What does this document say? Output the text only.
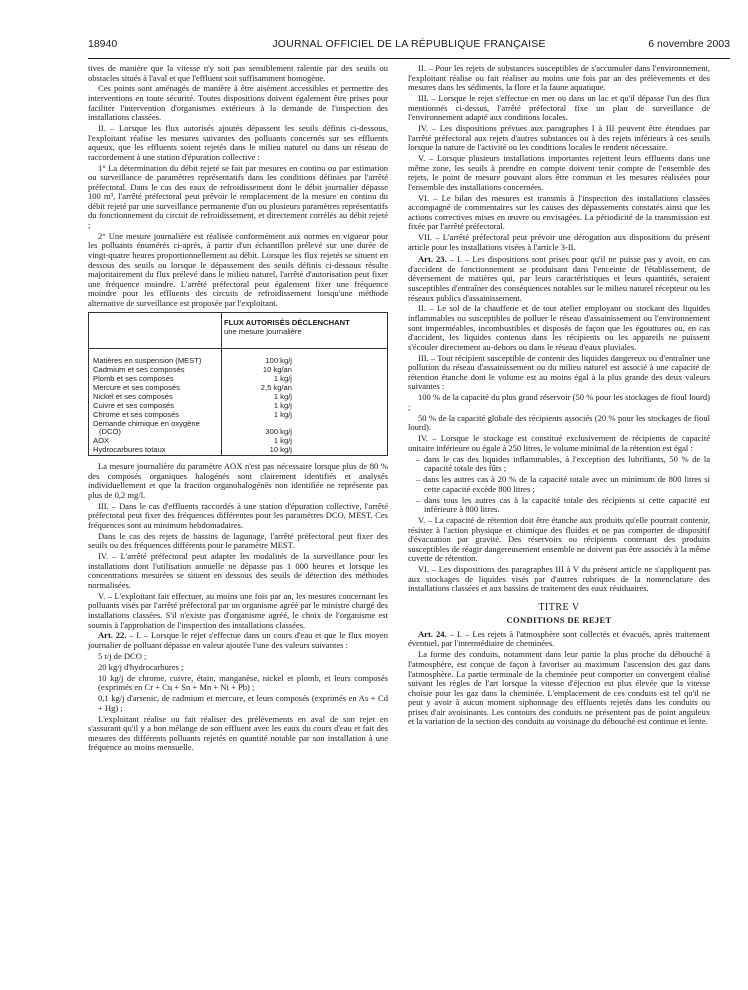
18940	JOURNAL OFFICIEL DE LA RÉPUBLIQUE FRANÇAISE	6 novembre 2003

tives de manière que la vitesse n'y soit pas sensiblement ralentie par des seuils ou obstacles situés à l'aval et que l'effluent soit suffisamment homogène.

Ces points sont aménagés de manière à être aisément accessibles et permettre des interventions en toute sécurité. Toutes dispositions doivent également être prises pour faciliter l'intervention d'organismes extérieurs à la demande de l'inspection des installations classées.

II. – Lorsque les flux autorisés ajoutés dépassent les seuils définis ci-dessous, l'exploitant réalise les mesures suivantes des polluants concernés sur ses effluents aqueux, que les effluents soient rejetés dans le milieu naturel ou dans un réseau de raccordement à une station d'épuration collective :

1° La détermination du débit rejeté se fait par mesures en continu ou par estimation ou surveillance de paramètres représentatifs dans les conditions définies par l'arrêté préfectoral. Dans le cas des eaux de refroidissement dont le débit journalier dépasse 100 m³, l'arrêté préfectoral peut prévoir le remplacement de la mesure en continu du débit rejeté par une surveillance permanente d'un ou plusieurs paramètres représentatifs du fonctionnement du circuit de refroidissement, et directement corrélés au débit rejeté ;

2° Une mesure journalière est réalisée conformément aux normes en vigueur pour les polluants énumérés ci-après, à partir d'un échantillon prélevé sur une durée de vingt-quatre heures proportionnellement au débit. Lorsque les flux rejetés se situent en dessous des seuils ou lorsque le dépassement des seuils définis ci-dessous résulte majoritairement du flux prélevé dans le milieu naturel, l'arrêté d'autorisation peut fixer une fréquence moindre. L'arrêté préfectoral peut également fixer une fréquence moindre pour les effluents des circuits de refroidissement lorsqu'une méthode alternative de surveillance est proposée par l'exploitant.

	FLUX AUTORISÉS DÉCLENCHANT
une mesure journalière

Matières en suspension (MEST)	100 kg/j
Cadmium et ses composés	10 kg/an
Plomb et ses composés	1 kg/j
Mercure et ses composés	2,5 kg/an
Nickel et ses composés	1 kg/j
Cuivre et ses composés	1 kg/j
Chrome et ses composés	1 kg/j
Demande chimique en oxygène	
(DCO)	300 kg/j
AOX	1 kg/j
Hydrocarbures totaux	10 kg/j

La mesure journalière du paramètre AOX n'est pas nécessaire lorsque plus de 80 % des composés organiques halogénés sont clairement identifiés et analysés individuellement et que la fraction organohalogénés non identifiée ne représente pas plus de 0,2 mg/l.

III. – Dans le cas d'effluents raccordés à une station d'épuration collective, l'arrêté préfectoral peut fixer des fréquences différentes pour les paramètres DCO, MEST. Ces fréquences sont au minimum hebdomadaires.

Dans le cas des rejets de bassins de lagunage, l'arrêté préfectoral peut fixer des seuils ou des fréquences différents pour le paramètre MEST.

IV. – L'arrêté préfectoral peut adapter les modalités de la surveillance pour les installations dont l'utilisation annuelle ne dépasse pas 1 000 heures et lorsque les concentrations mesurées se situent en dessous des seuils de détection des méthodes normalisées.

V. – L'exploitant fait effectuer, au moins une fois par an, les mesures concernant les polluants visés par l'arrêté préfectoral par un organisme agréé par le ministre chargé des installations classées. S'il n'existe pas d'organisme agréé, le choix de l'organisme est soumis à l'approbation de l'inspection des installations classées.

Art. 22. – I. – Lorsque le rejet s'effectue dans un cours d'eau et que le flux moyen journalier de polluant dépasse en valeur ajoutée l'une des valeurs suivantes :

5 t/j de DCO ;

20 kg/j d'hydrocarbures ;

10 kg/j de chrome, cuivre, étain, manganèse, nickel et plomb, et leurs composés (exprimés en Cr + Cu + Sn + Mn + Ni + Pb) ;

0,1 kg/j d'arsenic, de cadmium et mercure, et leurs composés (exprimés en As + Cd + Hg) ;

L'exploitant réalise ou fait réaliser des prélèvements en aval de son rejet en s'assurant qu'il y a bon mélange de son effluent avec les eaux du cours d'eau et fait des mesures des différents polluants rejetés en quantité notable par son installation à une fréquence au moins mensuelle.

II. – Pour les rejets de substances susceptibles de s'accumuler dans l'environnement, l'exploitant réalise ou fait réaliser au moins une fois par an des prélèvements et des mesures dans les sédiments, la flore et la faune aquatique.

III. – Lorsque le rejet s'effectue en mer ou dans un lac et qu'il dépasse l'un des flux mentionnés ci-dessus, l'arrêté préfectoral fixe un plan de surveillance de l'environnement adapté aux conditions locales.

IV. – Les dispositions prévues aux paragraphes I à III peuvent être étendues par l'arrêté préfectoral aux rejets d'autres substances ou à des rejets inférieurs à ces seuils lorsque la nature de l'activité ou les conditions locales le rendent nécessaire.

V. – Lorsque plusieurs installations importantes rejettent leurs effluents dans une même zone, les seuils à prendre en compte doivent tenir compte de l'ensemble des rejets, le point de mesure pouvant alors être commun et les mesures réalisées pour l'ensemble des installations concernées.

VI. – Le bilan des mesures est transmis à l'inspection des installations classées accompagné de commentaires sur les causes des dépassements constatés ainsi que les actions correctives mises en œuvre ou envisagées. La périodicité de la transmission est fixée par l'arrêté préfectoral.

VII. – L'arrêté préfectoral peut prévoir une dérogation aux dispositions du présent article pour les installations visées à l'article 3-II.

Art. 23. – I. – Les dispositions sont prises pour qu'il ne puisse pas y avoir, en cas d'accident de fonctionnement se produisant dans l'enceinte de l'établissement, de déversement de matières qui, par leurs caractéristiques et leurs quantités, seraient susceptibles d'entraîner des conséquences notables sur le milieu naturel récepteur ou les réseaux publics d'assainissement.

II. – Le sol de la chaufferie et de tout atelier employant ou stockant des liquides inflammables ou susceptibles de polluer le réseau d'assainissement ou l'environnement sont imperméables, incombustibles et disposés de façon que les égouttures ou, en cas d'accident, les liquides contenus dans les récipients ou les appareils ne puissent s'écouler directement au-dehors ou dans le réseau d'eaux pluviales.

III. – Tout récipient susceptible de contenir des liquides dangereux ou d'entraîner une pollution du réseau d'assainissement ou du milieu naturel est associé à une capacité de rétention étanche dont le volume est au moins égal à la plus grande des deux valeurs suivantes :

100 % de la capacité du plus grand réservoir (50 % pour les stockages de fioul lourd) ;

50 % de la capacité globale des récipients associés (20 % pour les stockages de fioul lourd).

IV. – Lorsque le stockage est constitué exclusivement de récipients de capacité unitaire inférieure ou égale à 250 litres, le volume minimal de la rétention est égal :

– dans le cas des liquides inflammables, à l'exception des lubrifiants, 50 % de la capacité totale des fûts ;

– dans les autres cas à 20 % de la capacité totale avec un minimum de 800 litres si cette capacité excède 800 litres ;

– dans tous les autres cas à la capacité totale des récipients si cette capacité est inférieure à 800 litres.

V. – La capacité de rétention doit être étanche aux produits qu'elle pourrait contenir, résister à l'action physique et chimique des fluides et ne pas comporter de dispositif d'évacuation par gravité. Des réservoirs ou récipients contenant des produits susceptibles de réagir dangereusement ensemble ne doivent pas être associés à la même cuvette de rétention.

VI. – Les dispositions des paragraphes III à V du présent article ne s'appliquent pas aux stockages de liquides visés par d'autres rubriques de la nomenclature des installations classées et aux bassins de traitement des eaux résiduaires.

TITRE V
CONDITIONS DE REJET

Art. 24. – I. – Les rejets à l'atmosphère sont collectés et évacués, après traitement éventuel, par l'intermédiaire de cheminées.

La forme des conduits, notamment dans leur partie la plus proche du débouché à l'atmosphère, est conçue de façon à favoriser au maximum l'ascension des gaz dans l'atmosphère. La partie terminale de la cheminée peut comporter un convergent réalisé suivant les règles de l'art lorsque la vitesse d'éjection est plus élevée que la vitesse choisie pour les gaz dans la cheminée. L'emplacement de ces conduits est tel qu'il ne peut y avoir à aucun moment siphonnage des effluents rejetés dans les conduits ou prises d'air avoisinants. Les contours des conduits ne présentent pas de point anguleux et la variation de la section des conduits au voisinage du débouché est continue et lente.
